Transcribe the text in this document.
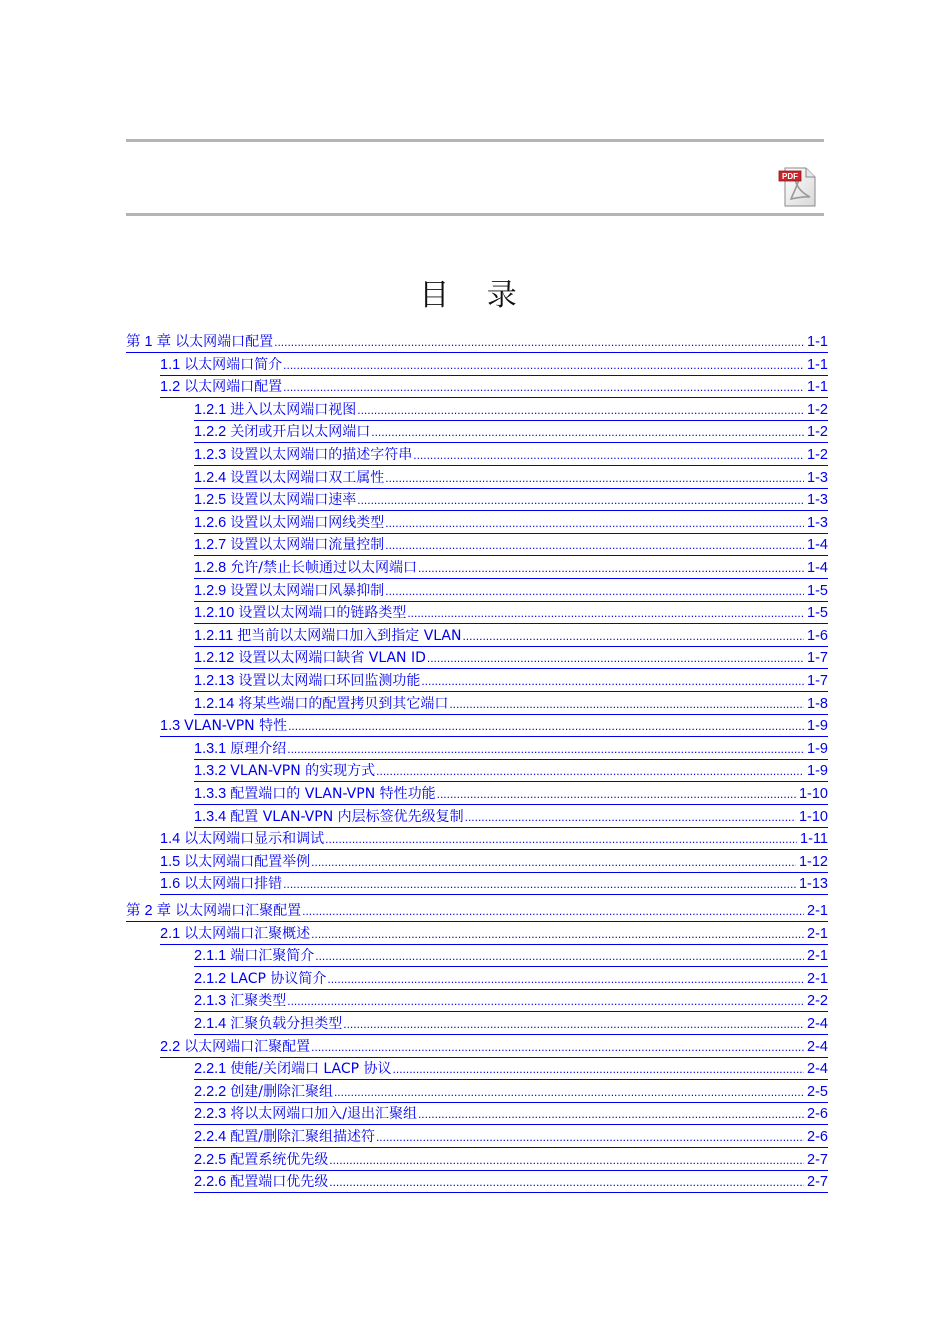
PDF
目 录
第 1 章 以太网端口配置 .....	1-1
1.1 以太网端口简介 .....	1-1
1.2 以太网端口配置 .....	1-1
1.2.1 进入以太网端口视图 .....	1-2
1.2.2 关闭或开启以太网端口 .....	1-2
1.2.3 设置以太网端口的描述字符串 .....	1-2
1.2.4 设置以太网端口双工属性 .....	1-3
1.2.5 设置以太网端口速率 .....	1-3
1.2.6 设置以太网端口网线类型 .....	1-3
1.2.7 设置以太网端口流量控制 .....	1-4
1.2.8 允许/禁止长帧通过以太网端口 .....	1-4
1.2.9 设置以太网端口风暴抑制 .....	1-5
1.2.10 设置以太网端口的链路类型 .....	1-5
1.2.11 把当前以太网端口加入到指定 VLAN .....	1-6
1.2.12 设置以太网端口缺省 VLAN ID .....	1-7
1.2.13 设置以太网端口环回监测功能 .....	1-7
1.2.14 将某些端口的配置拷贝到其它端口 .....	1-8
1.3 VLAN-VPN 特性 .....	1-9
1.3.1 原理介绍 .....	1-9
1.3.2 VLAN-VPN 的实现方式 .....	1-9
1.3.3 配置端口的 VLAN-VPN 特性功能 .....	1-10
1.3.4 配置 VLAN-VPN 内层标签优先级复制 .....	1-10
1.4 以太网端口显示和调试 .....	1-11
1.5 以太网端口配置举例 .....	1-12
1.6 以太网端口排错 .....	1-13
第 2 章 以太网端口汇聚配置 .....	2-1
2.1 以太网端口汇聚概述 .....	2-1
2.1.1 端口汇聚简介 .....	2-1
2.1.2 LACP 协议简介 .....	2-1
2.1.3 汇聚类型 .....	2-2
2.1.4 汇聚负载分担类型 .....	2-4
2.2 以太网端口汇聚配置 .....	2-4
2.2.1 使能/关闭端口 LACP 协议 .....	2-4
2.2.2 创建/删除汇聚组 .....	2-5
2.2.3 将以太网端口加入/退出汇聚组 .....	2-6
2.2.4 配置/删除汇聚组描述符 .....	2-6
2.2.5 配置系统优先级 .....	2-7
2.2.6 配置端口优先级 .....	2-7
